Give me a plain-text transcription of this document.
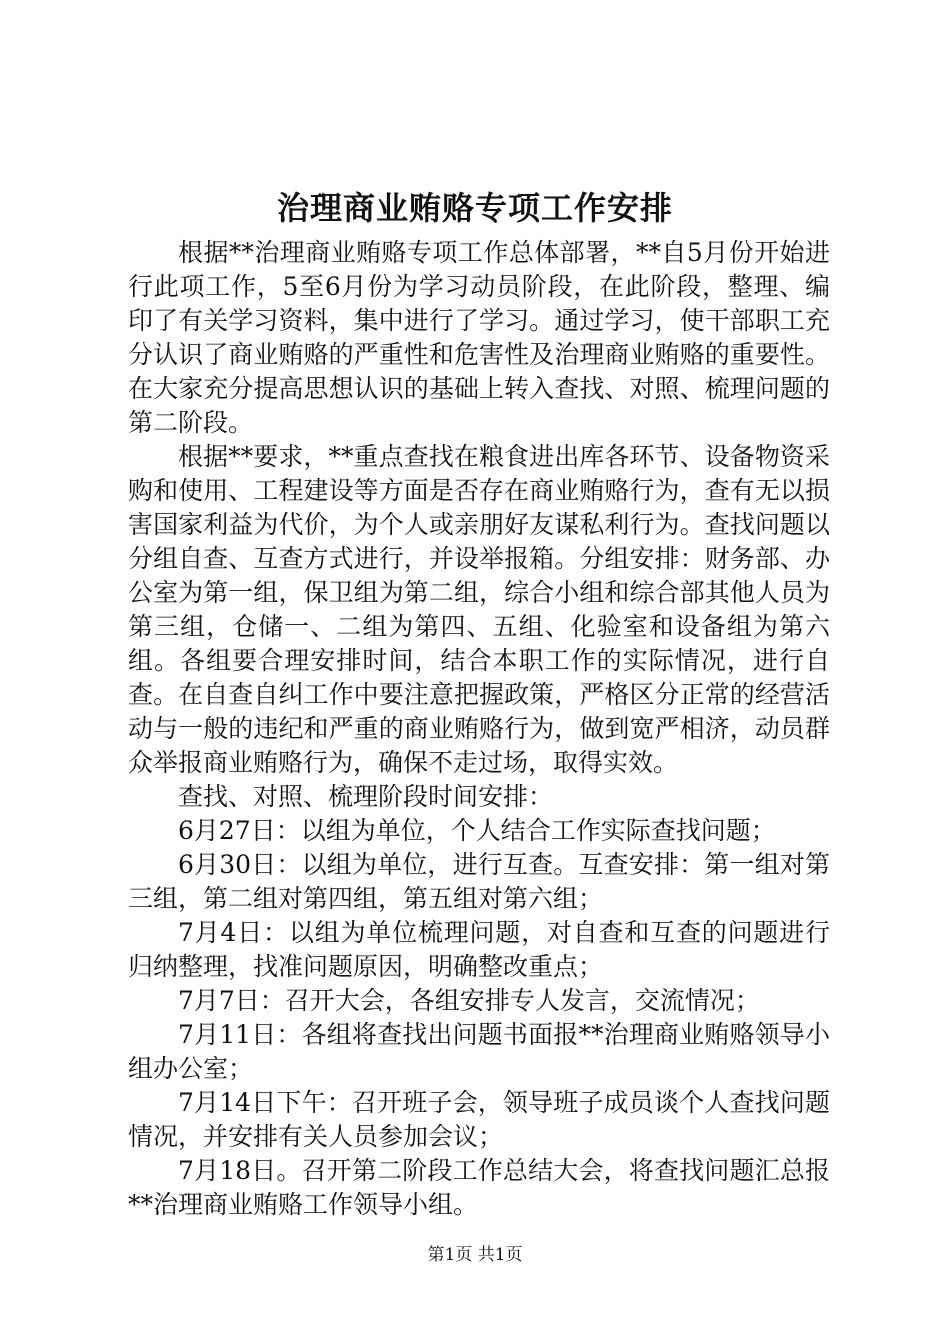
治理商业贿赂专项工作安排

根据**治理商业贿赂专项工作总体部署，**自5月份开始进行此项工作，5至6月份为学习动员阶段，在此阶段，整理、编印了有关学习资料，集中进行了学习。通过学习，使干部职工充分认识了商业贿赂的严重性和危害性及治理商业贿赂的重要性。在大家充分提高思想认识的基础上转入查找、对照、梳理问题的第二阶段。

根据**要求，**重点查找在粮食进出库各环节、设备物资采购和使用、工程建设等方面是否存在商业贿赂行为，查有无以损害国家利益为代价，为个人或亲朋好友谋私利行为。查找问题以分组自查、互查方式进行，并设举报箱。分组安排：财务部、办公室为第一组，保卫组为第二组，综合小组和综合部其他人员为第三组，仓储一、二组为第四、五组、化验室和设备组为第六组。各组要合理安排时间，结合本职工作的实际情况，进行自查。在自查自纠工作中要注意把握政策，严格区分正常的经营活动与一般的违纪和严重的商业贿赂行为，做到宽严相济，动员群众举报商业贿赂行为，确保不走过场，取得实效。

查找、对照、梳理阶段时间安排：

6月27日：以组为单位，个人结合工作实际查找问题；

6月30日：以组为单位，进行互查。互查安排：第一组对第三组，第二组对第四组，第五组对第六组；

7月4日：以组为单位梳理问题，对自查和互查的问题进行归纳整理，找准问题原因，明确整改重点；

7月7日：召开大会，各组安排专人发言，交流情况；

7月11日：各组将查找出问题书面报**治理商业贿赂领导小组办公室；

7月14日下午：召开班子会，领导班子成员谈个人查找问题情况，并安排有关人员参加会议；

7月18日。召开第二阶段工作总结大会，将查找问题汇总报**治理商业贿赂工作领导小组。

第1页 共1页
